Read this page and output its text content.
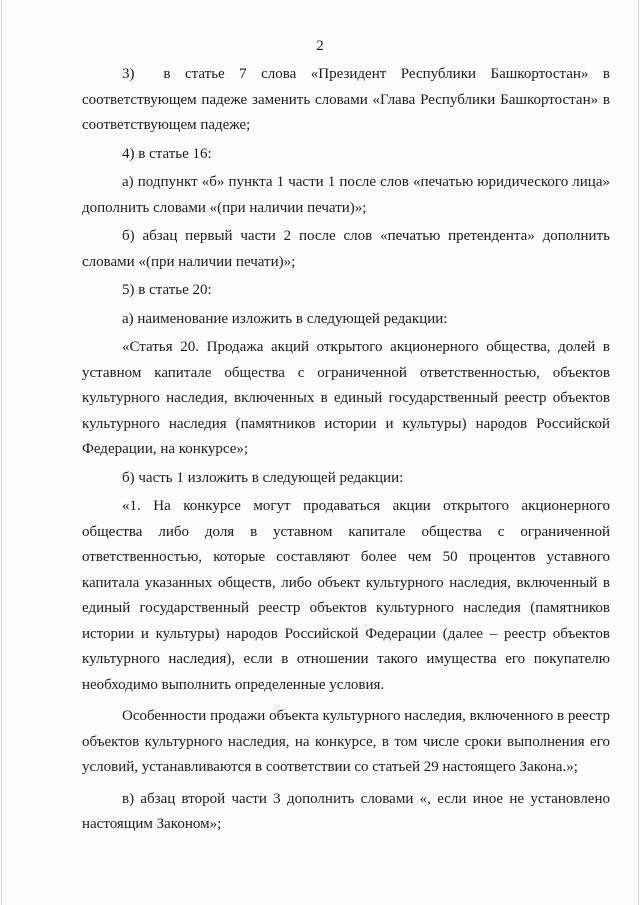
2

3)  в статье 7 слова «Президент Республики Башкортостан» в соответствующем падеже заменить словами «Глава Республики Башкортостан» в соответствующем падеже;

4) в статье 16:

а) подпункт «б» пункта 1 части 1 после слов «печатью юридического лица» дополнить словами «(при наличии печати)»;

б) абзац первый части 2 после слов «печатью претендента» дополнить словами «(при наличии печати)»;

5) в статье 20:

а) наименование изложить в следующей редакции:

«Статья 20. Продажа акций открытого акционерного общества, долей в уставном капитале общества с ограниченной ответственностью, объектов культурного наследия, включенных в единый государственный реестр объектов культурного наследия (памятников истории и культуры) народов Российской Федерации, на конкурсе»;

б) часть 1 изложить в следующей редакции:

«1. На конкурсе могут продаваться акции открытого акционерного общества либо доля в уставном капитале общества с ограниченной ответственностью, которые составляют более чем 50 процентов уставного капитала указанных обществ, либо объект культурного наследия, включенный в единый государственный реестр объектов культурного наследия (памятников истории и культуры) народов Российской Федерации (далее – реестр объектов культурного наследия), если в отношении такого имущества его покупателю необходимо выполнить определенные условия.

Особенности продажи объекта культурного наследия, включенного в реестр объектов культурного наследия, на конкурсе, в том числе сроки выполнения его условий, устанавливаются в соответствии со статьей 29 настоящего Закона.»;

в) абзац второй части 3 дополнить словами «, если иное не установлено настоящим Законом»;
